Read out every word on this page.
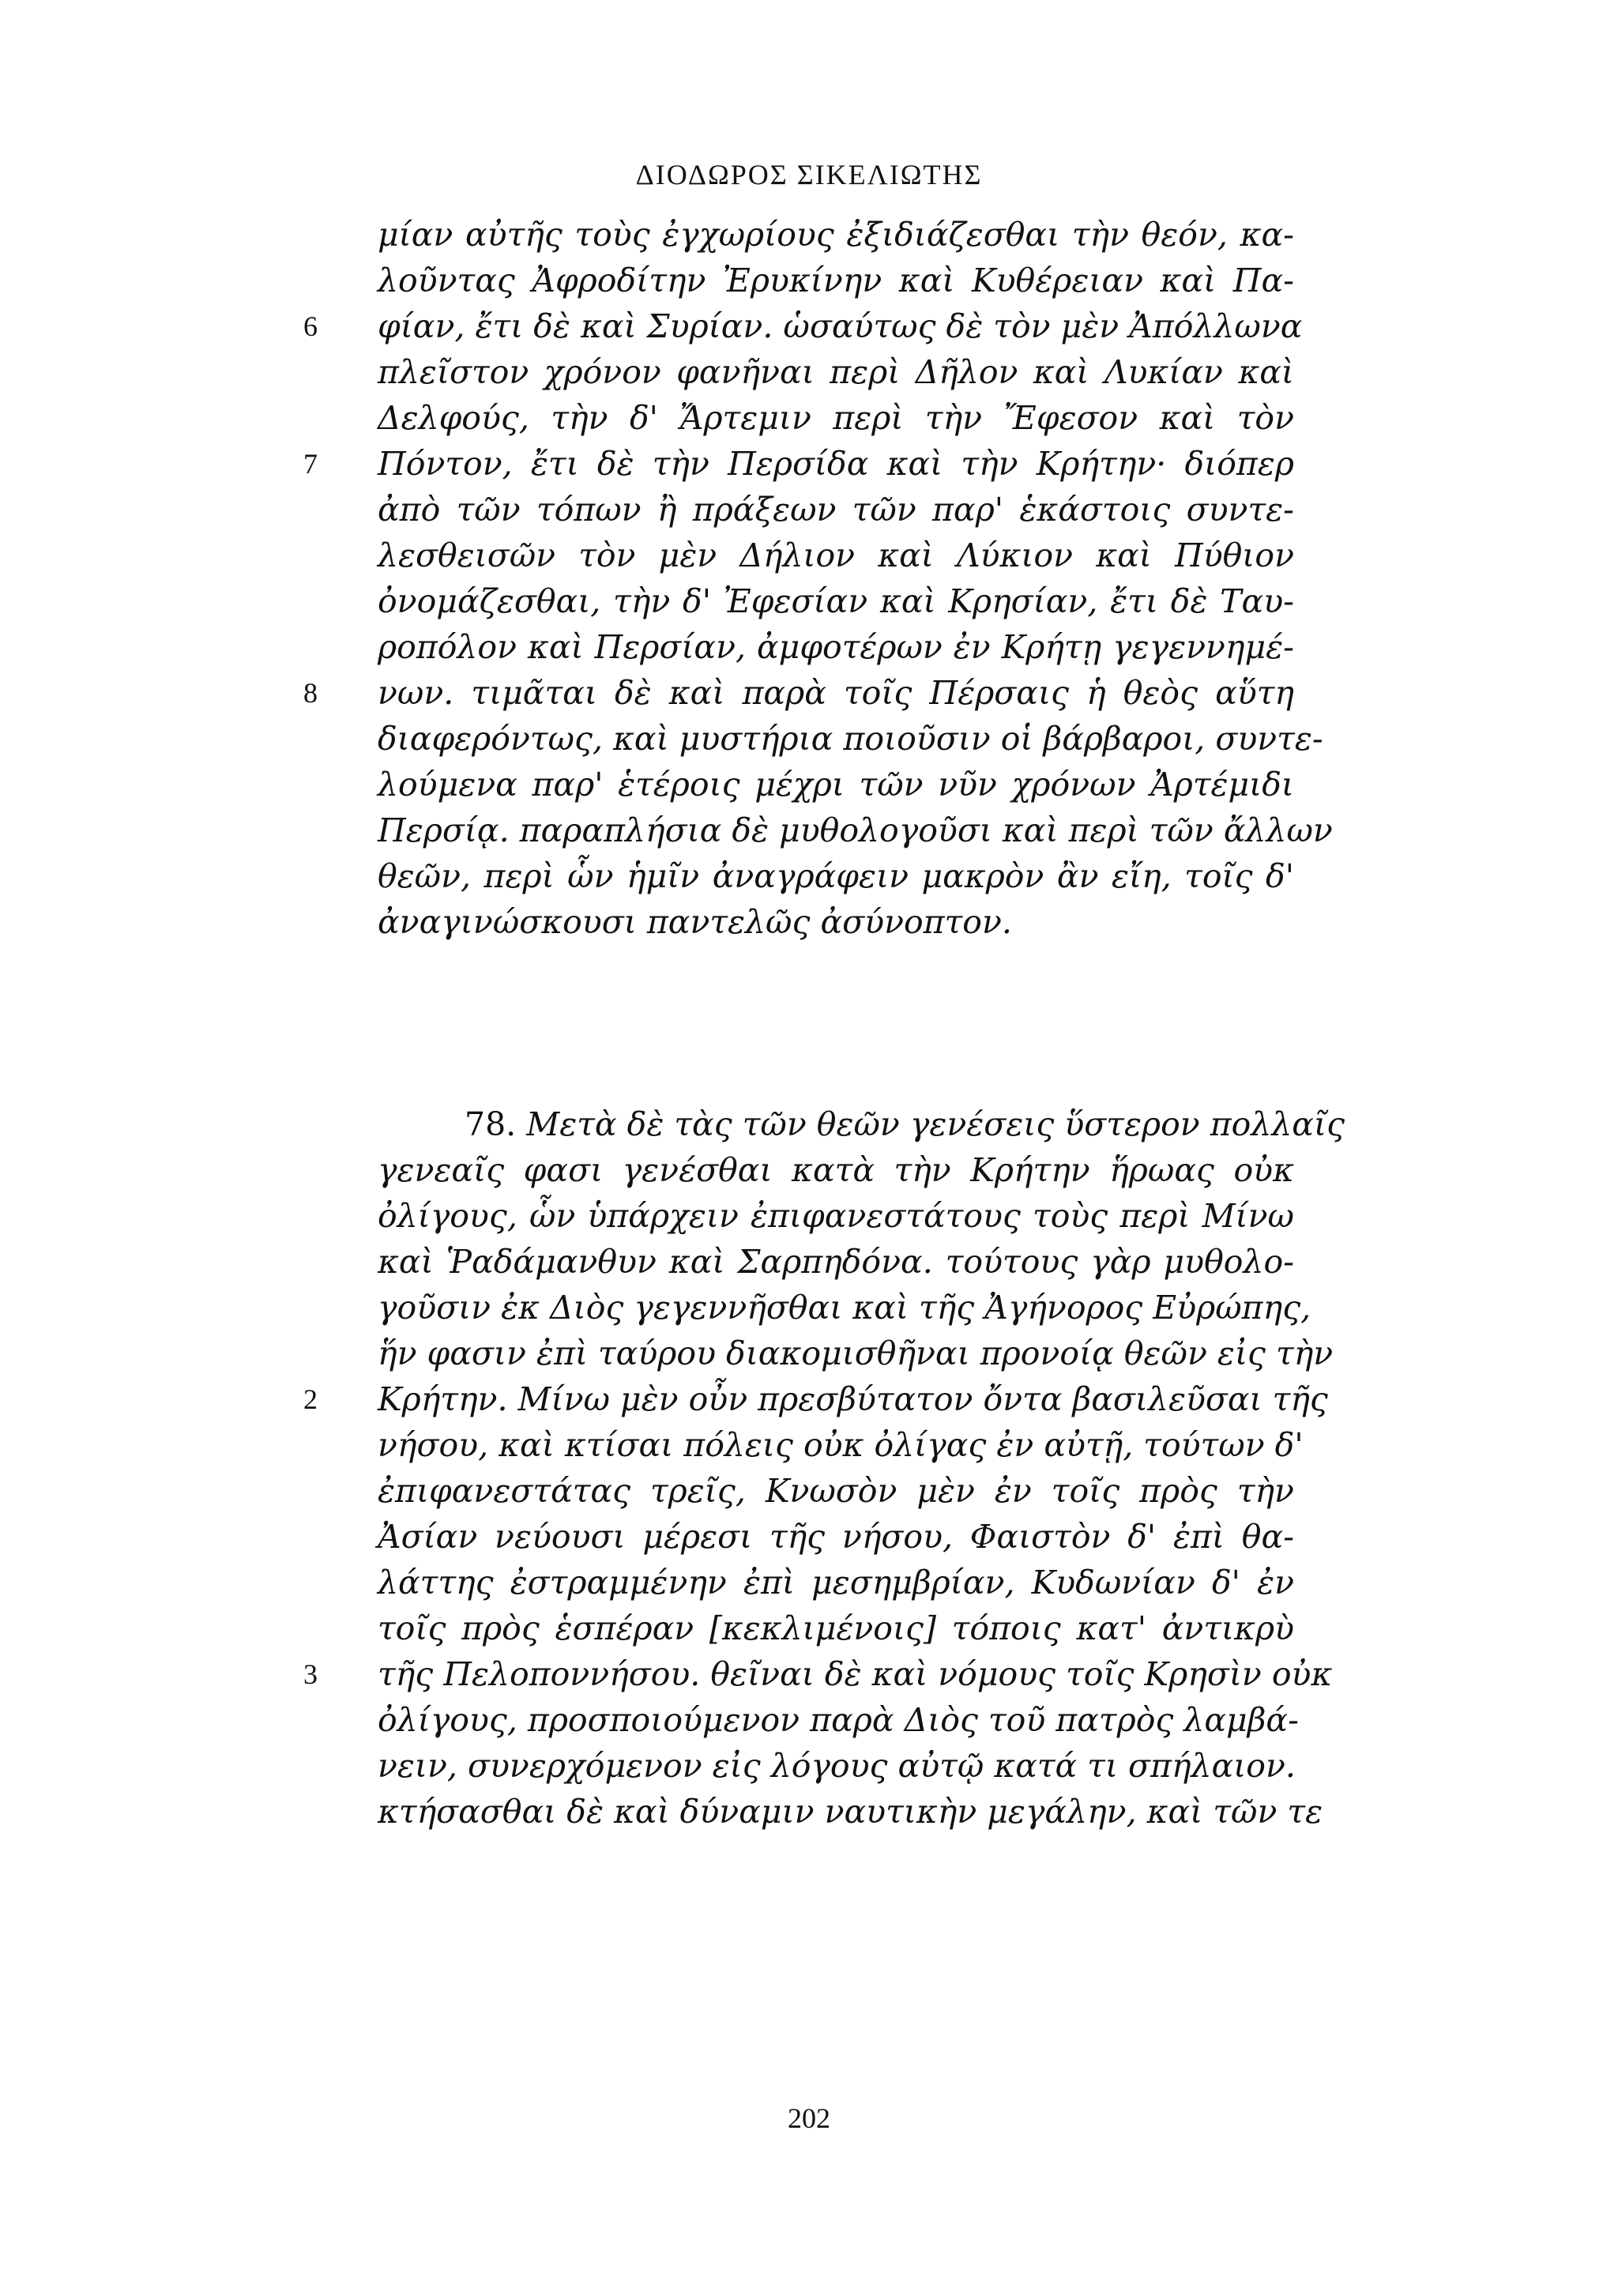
ΔΙΟΔΩΡΟΣ ΣΙΚΕΛΙΩΤΗΣ
μίαν αὐτῆς τοὺς ἐγχωρίους ἐξιδιάζεσθαι τὴν θεόν, κα-
λοῦντας Ἀφροδίτην Ἐρυκίνην καὶ Κυθέρειαν καὶ Πα-
6 φίαν, ἔτι δὲ καὶ Συρίαν. ὡσαύτως δὲ τὸν μὲν Ἀπόλλωνα
πλεῖστον χρόνον φανῆναι περὶ Δῆλον καὶ Λυκίαν καὶ
Δελφούς, τὴν δ' Ἄρτεμιν περὶ τὴν Ἔφεσον καὶ τὸν
7 Πόντον, ἔτι δὲ τὴν Περσίδα καὶ τὴν Κρήτην· διόπερ
ἀπὸ τῶν τόπων ἢ πράξεων τῶν παρ' ἑκάστοις συντε-
λεσθεισῶν τὸν μὲν Δήλιον καὶ Λύκιον καὶ Πύθιον
ὀνομάζεσθαι, τὴν δ' Ἐφεσίαν καὶ Κρησίαν, ἔτι δὲ Ταυ-
ροπόλον καὶ Περσίαν, ἀμφοτέρων ἐν Κρήτῃ γεγεννημέ-
8 νων. τιμᾶται δὲ καὶ παρὰ τοῖς Πέρσαις ἡ θεὸς αὕτη
διαφερόντως, καὶ μυστήρια ποιοῦσιν οἱ βάρβαροι, συντε-
λούμενα παρ' ἑτέροις μέχρι τῶν νῦν χρόνων Ἀρτέμιδι
Περσίᾳ. παραπλήσια δὲ μυθολογοῦσι καὶ περὶ τῶν ἄλλων
θεῶν, περὶ ὧν ἡμῖν ἀναγράφειν μακρὸν ἂν εἴη, τοῖς δ'
ἀναγινώσκουσι παντελῶς ἀσύνοπτον.
78. Μετὰ δὲ τὰς τῶν θεῶν γενέσεις ὕστερον πολλαῖς
γενεαῖς φασι γενέσθαι κατὰ τὴν Κρήτην ἥρωας οὐκ
ὀλίγους, ὧν ὑπάρχειν ἐπιφανεστάτους τοὺς περὶ Μίνω
καὶ Ῥαδάμανθυν καὶ Σαρπηδόνα. τούτους γὰρ μυθολο-
γοῦσιν ἐκ Διὸς γεγεννῆσθαι καὶ τῆς Ἀγήνορος Εὐρώπης,
ἥν φασιν ἐπὶ ταύρου διακομισθῆναι προνοίᾳ θεῶν εἰς τὴν
2 Κρήτην. Μίνω μὲν οὖν πρεσβύτατον ὄντα βασιλεῦσαι τῆς
νήσου, καὶ κτίσαι πόλεις οὐκ ὀλίγας ἐν αὐτῇ, τούτων δ'
ἐπιφανεστάτας τρεῖς, Κνωσὸν μὲν ἐν τοῖς πρὸς τὴν
Ἀσίαν νεύουσι μέρεσι τῆς νήσου, Φαιστὸν δ' ἐπὶ θα-
λάττης ἐστραμμένην ἐπὶ μεσημβρίαν, Κυδωνίαν δ' ἐν
τοῖς πρὸς ἑσπέραν [κεκλιμένοις] τόποις κατ' ἀντικρὺ
3 τῆς Πελοποννήσου. θεῖναι δὲ καὶ νόμους τοῖς Κρησὶν οὐκ
ὀλίγους, προσποιούμενον παρὰ Διὸς τοῦ πατρὸς λαμβά-
νειν, συνερχόμενον εἰς λόγους αὐτῷ κατά τι σπήλαιον.
κτήσασθαι δὲ καὶ δύναμιν ναυτικὴν μεγάλην, καὶ τῶν τε
202
